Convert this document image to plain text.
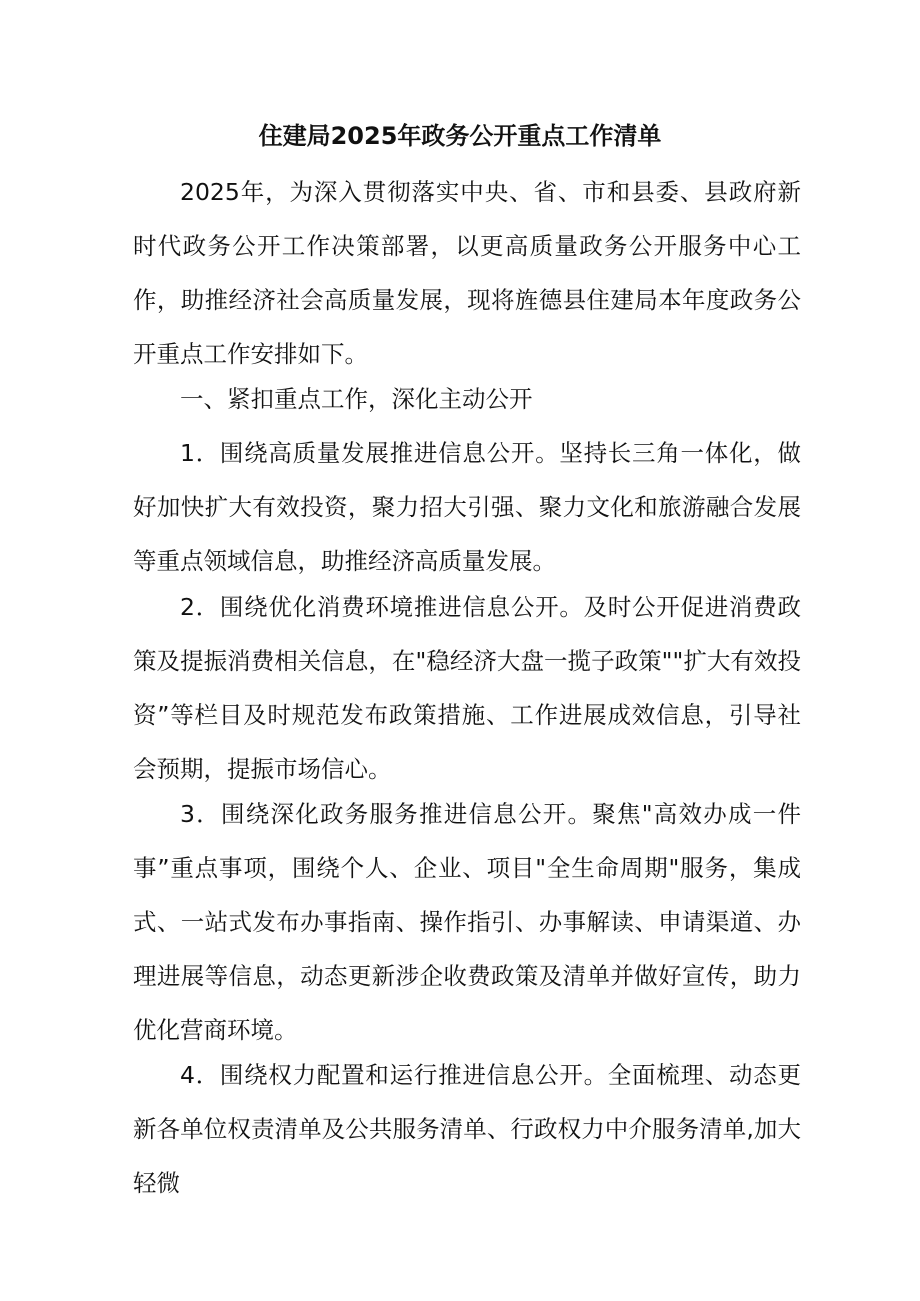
住建局2025年政务公开重点工作清单

2025年，为深入贯彻落实中央、省、市和县委、县政府新时代政务公开工作决策部署，以更高质量政务公开服务中心工作，助推经济社会高质量发展，现将旌德县住建局本年度政务公开重点工作安排如下。

一、紧扣重点工作，深化主动公开

1．围绕高质量发展推进信息公开。坚持长三角一体化，做好加快扩大有效投资，聚力招大引强、聚力文化和旅游融合发展等重点领域信息，助推经济高质量发展。

2．围绕优化消费环境推进信息公开。及时公开促进消费政策及提振消费相关信息，在"稳经济大盘一揽子政策""扩大有效投资”等栏目及时规范发布政策措施、工作进展成效信息，引导社会预期，提振市场信心。

3．围绕深化政务服务推进信息公开。聚焦"高效办成一件事”重点事项，围绕个人、企业、项目"全生命周期"服务，集成式、一站式发布办事指南、操作指引、办事解读、申请渠道、办理进展等信息，动态更新涉企收费政策及清单并做好宣传，助力优化营商环境。

4．围绕权力配置和运行推进信息公开。全面梳理、动态更新各单位权责清单及公共服务清单、行政权力中介服务清单,加大轻微
